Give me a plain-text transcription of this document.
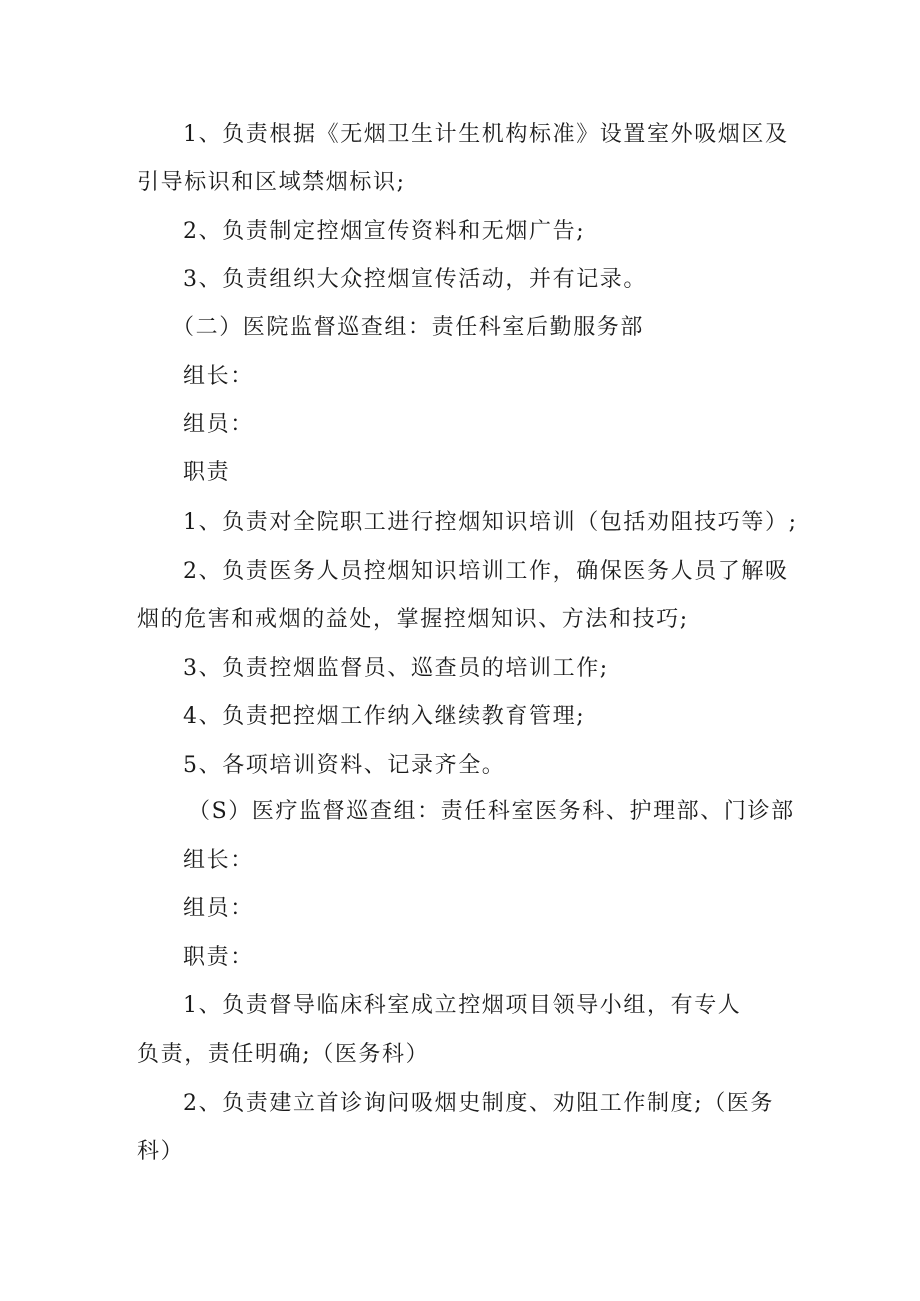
1、负责根据《无烟卫生计生机构标准》设置室外吸烟区及
引导标识和区域禁烟标识;
2、负责制定控烟宣传资料和无烟广告;
3、负责组织大众控烟宣传活动，并有记录。
（二）医院监督巡查组：责任科室后勤服务部
组长：
组员：
职责
1、负责对全院职工进行控烟知识培训（包括劝阻技巧等）;
2、负责医务人员控烟知识培训工作，确保医务人员了解吸
烟的危害和戒烟的益处，掌握控烟知识、方法和技巧;
3、负责控烟监督员、巡查员的培训工作;
4、负责把控烟工作纳入继续教育管理;
5、各项培训资料、记录齐全。
（S）医疗监督巡查组：责任科室医务科、护理部、门诊部
组长：
组员：
职责：
1、负责督导临床科室成立控烟项目领导小组，有专人
负责，责任明确;（医务科）
2、负责建立首诊询问吸烟史制度、劝阻工作制度;（医务
科）
